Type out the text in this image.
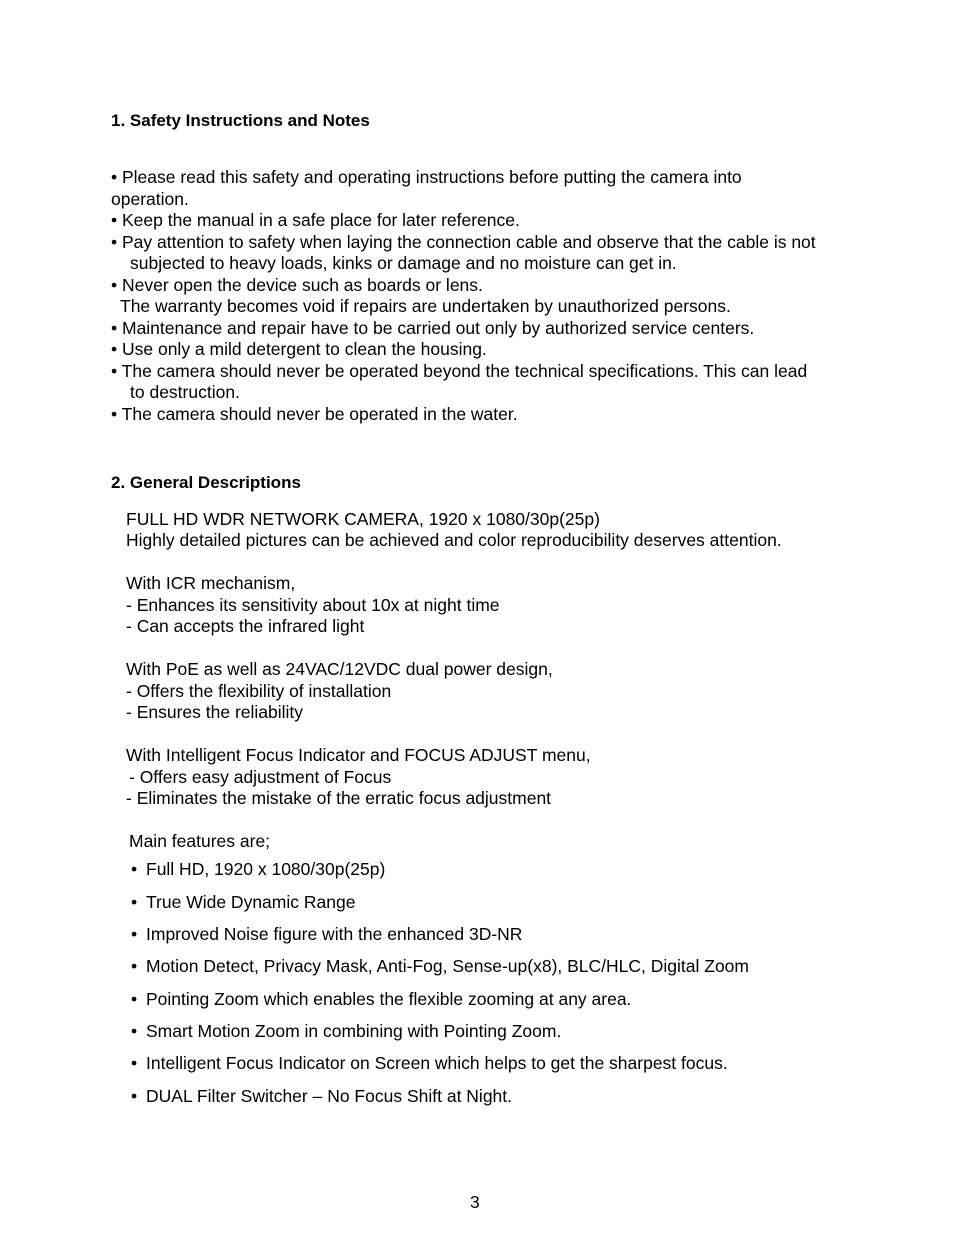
1. Safety Instructions and Notes
• Please read this safety and operating instructions before putting the camera into
operation.
• Keep the manual in a safe place for later reference.
• Pay attention to safety when laying the connection cable and observe that the cable is not
subjected to heavy loads, kinks or damage and no moisture can get in.
• Never open the device such as boards or lens.
The warranty becomes void if repairs are undertaken by unauthorized persons.
• Maintenance and repair have to be carried out only by authorized service centers.
• Use only a mild detergent to clean the housing.
• The camera should never be operated beyond the technical specifications. This can lead
to destruction.
• The camera should never be operated in the water.
2. General Descriptions
FULL HD WDR NETWORK CAMERA, 1920 x 1080/30p(25p)
Highly detailed pictures can be achieved and color reproducibility deserves attention.
With ICR mechanism,
- Enhances its sensitivity about 10x at night time
- Can accepts the infrared light
With PoE as well as 24VAC/12VDC dual power design,
- Offers the flexibility of installation
- Ensures the reliability
With Intelligent Focus Indicator and FOCUS ADJUST menu,
- Offers easy adjustment of Focus
- Eliminates the mistake of the erratic focus adjustment
Main features are;
• Full HD, 1920 x 1080/30p(25p)
• True Wide Dynamic Range
• Improved Noise figure with the enhanced 3D-NR
• Motion Detect, Privacy Mask, Anti-Fog, Sense-up(x8), BLC/HLC, Digital Zoom
• Pointing Zoom which enables the flexible zooming at any area.
• Smart Motion Zoom in combining with Pointing Zoom.
• Intelligent Focus Indicator on Screen which helps to get the sharpest focus.
• DUAL Filter Switcher – No Focus Shift at Night.
3
